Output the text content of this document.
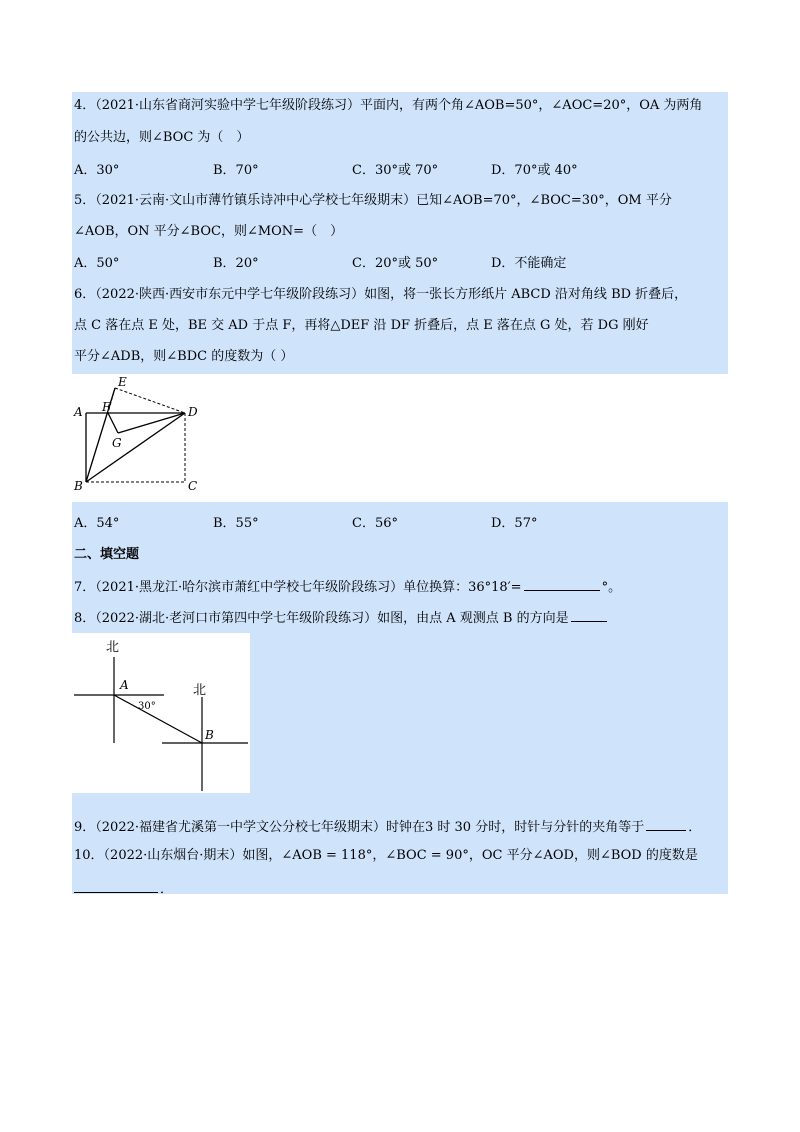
4．（2021·山东省商河实验中学七年级阶段练习）平面内，有两个角∠AOB=50°，∠AOC=20°，OA 为两角
的公共边，则∠BOC 为（　）
A．30°	B．70°	C．30°或 70°	D．70°或 40°
5．（2021·云南·文山市薄竹镇乐诗冲中心学校七年级期末）已知∠AOB=70°，∠BOC=30°，OM 平分
∠AOB，ON 平分∠BOC，则∠MON=（　）
A．50°	B．20°	C．20°或 50°	D．不能确定
6．（2022·陕西·西安市东元中学七年级阶段练习）如图，将一张长方形纸片 ABCD 沿对角线 BD 折叠后，
点 C 落在点 E 处，BE 交 AD 于点 F，再将△DEF 沿 DF 折叠后，点 E 落在点 G 处，若 DG 刚好
平分∠ADB，则∠BDC 的度数为（ ）
A
B	C
D
E
F
G
A．54°	B．55°	C．56°	D．57°
二、填空题
7．（2021·黑龙江·哈尔滨市萧红中学校七年级阶段练习）单位换算：36°18′=	°。
8．（2022·湖北·老河口市第四中学七年级阶段练习）如图，由点 A 观测点 B 的方向是
北
北
A
B
30°
9．（2022·福建省尤溪第一中学文公分校七年级期末）时钟在3 时 30 分时，时针与分针的夹角等于	．
10．（2022·山东烟台·期末）如图，∠AOB = 118°，∠BOC = 90°，OC 平分∠AOD，则∠BOD 的度数是
．
